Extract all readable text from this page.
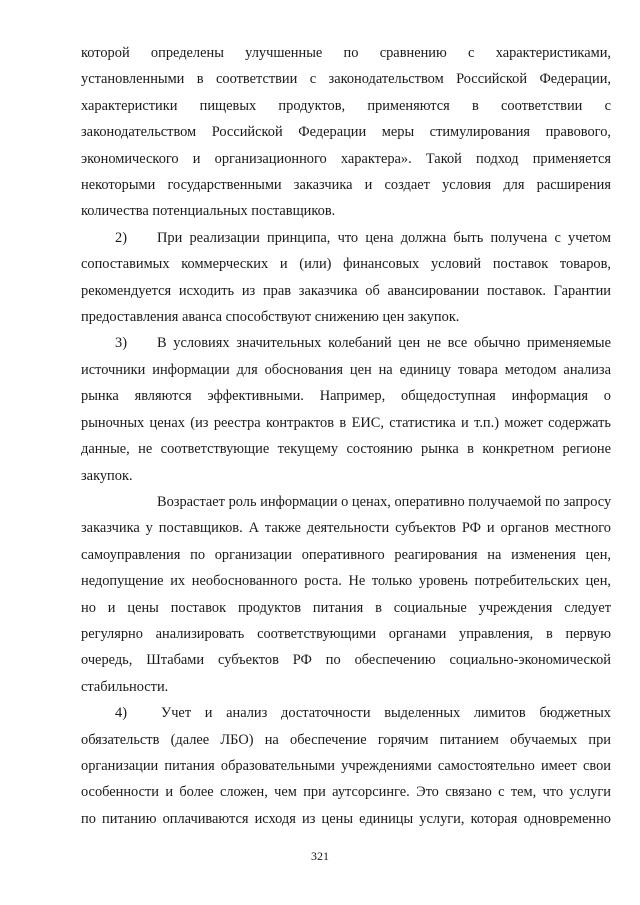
которой определены улучшенные по сравнению с характеристиками,
установленными в соответствии с законодательством Российской Федерации,
характеристики пищевых продуктов, применяются в соответствии с
законодательством Российской Федерации меры стимулирования правового,
экономического и организационного характера». Такой подход применяется
некоторыми государственными заказчика и создает условия для расширения
количества потенциальных поставщиков.
2) При реализации принципа, что цена должна быть получена с учетом
сопоставимых коммерческих и (или) финансовых условий поставок товаров,
рекомендуется исходить из прав заказчика об авансировании поставок. Гарантии
предоставления аванса способствуют снижению цен закупок.
3) В условиях значительных колебаний цен не все обычно применяемые
источники информации для обоснования цен на единицу товара методом анализа
рынка являются эффективными. Например, общедоступная информация о
рыночных ценах (из реестра контрактов в ЕИС, статистика и т.п.) может содержать
данные, не соответствующие текущему состоянию рынка в конкретном регионе
закупок.
Возрастает роль информации о ценах, оперативно получаемой по запросу
заказчика у поставщиков. А также деятельности субъектов РФ и органов местного
самоуправления по организации оперативного реагирования на изменения цен,
недопущение их необоснованного роста. Не только уровень потребительских цен,
но и цены поставок продуктов питания в социальные учреждения следует
регулярно анализировать соответствующими органами управления, в первую
очередь, Штабами субъектов РФ по обеспечению социально-экономической
стабильности.
4) Учет и анализ достаточности выделенных лимитов бюджетных
обязательств (далее ЛБО) на обеспечение горячим питанием обучаемых при
организации питания образовательными учреждениями самостоятельно имеет свои
особенности и более сложен, чем при аутсорсинге. Это связано с тем, что услуги
по питанию оплачиваются исходя из цены единицы услуги, которая одновременно
321
